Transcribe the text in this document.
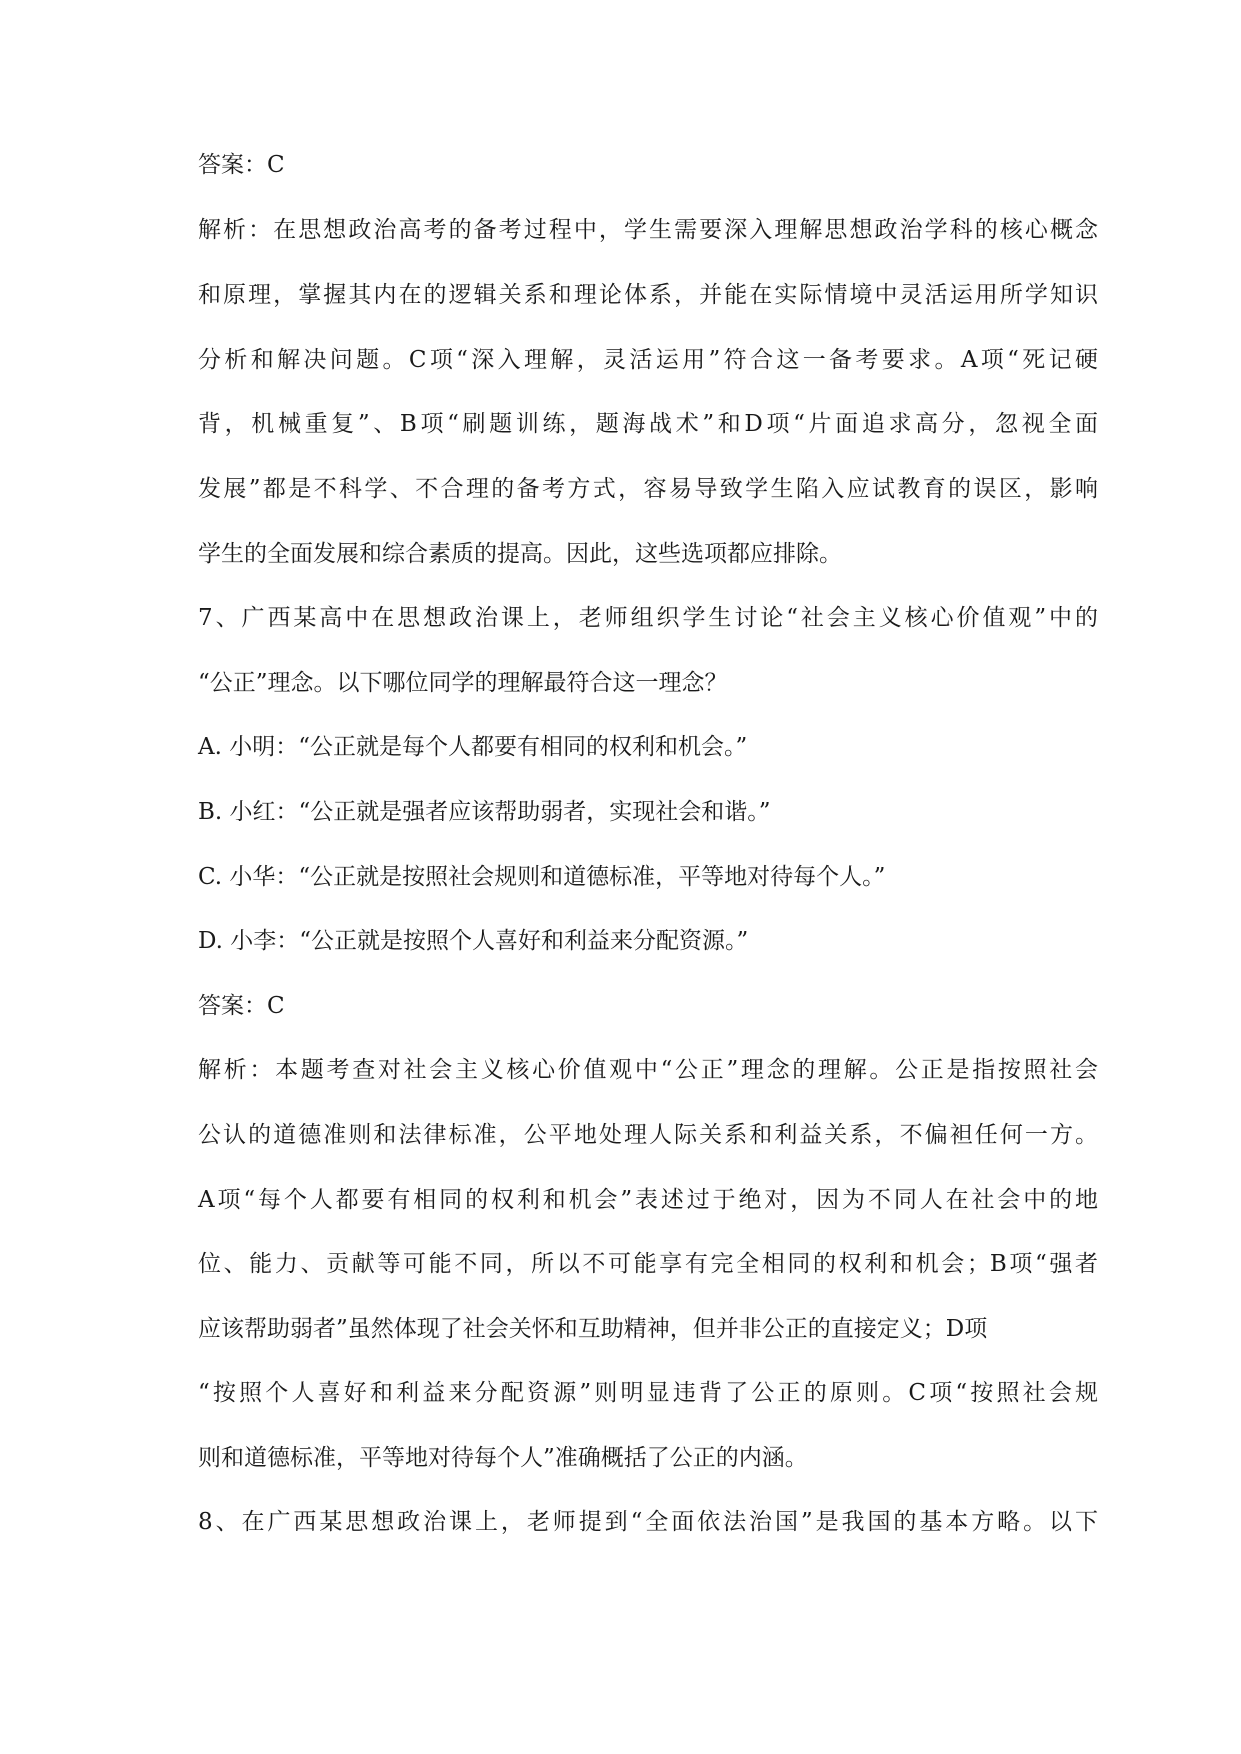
答案：C
解析：在思想政治高考的备考过程中，学生需要深入理解思想政治学科的核心概念
和原理，掌握其内在的逻辑关系和理论体系，并能在实际情境中灵活运用所学知识
分析和解决问题。C项“深入理解，灵活运用”符合这一备考要求。A项“死记硬
背，机械重复”、B项“刷题训练，题海战术”和D项“片面追求高分，忽视全面
发展”都是不科学、不合理的备考方式，容易导致学生陷入应试教育的误区，影响
学生的全面发展和综合素质的提高。因此，这些选项都应排除。
7、广西某高中在思想政治课上，老师组织学生讨论“社会主义核心价值观”中的
“公正”理念。以下哪位同学的理解最符合这一理念？
A. 小明：“公正就是每个人都要有相同的权利和机会。”
B. 小红：“公正就是强者应该帮助弱者，实现社会和谐。”
C. 小华：“公正就是按照社会规则和道德标准，平等地对待每个人。”
D. 小李：“公正就是按照个人喜好和利益来分配资源。”
答案：C
解析：本题考查对社会主义核心价值观中“公正”理念的理解。公正是指按照社会
公认的道德准则和法律标准，公平地处理人际关系和利益关系，不偏袒任何一方。
A项“每个人都要有相同的权利和机会”表述过于绝对，因为不同人在社会中的地
位、能力、贡献等可能不同，所以不可能享有完全相同的权利和机会；B项“强者
应该帮助弱者”虽然体现了社会关怀和互助精神，但并非公正的直接定义；D项
“按照个人喜好和利益来分配资源”则明显违背了公正的原则。C项“按照社会规
则和道德标准，平等地对待每个人”准确概括了公正的内涵。
8、在广西某思想政治课上，老师提到“全面依法治国”是我国的基本方略。以下
